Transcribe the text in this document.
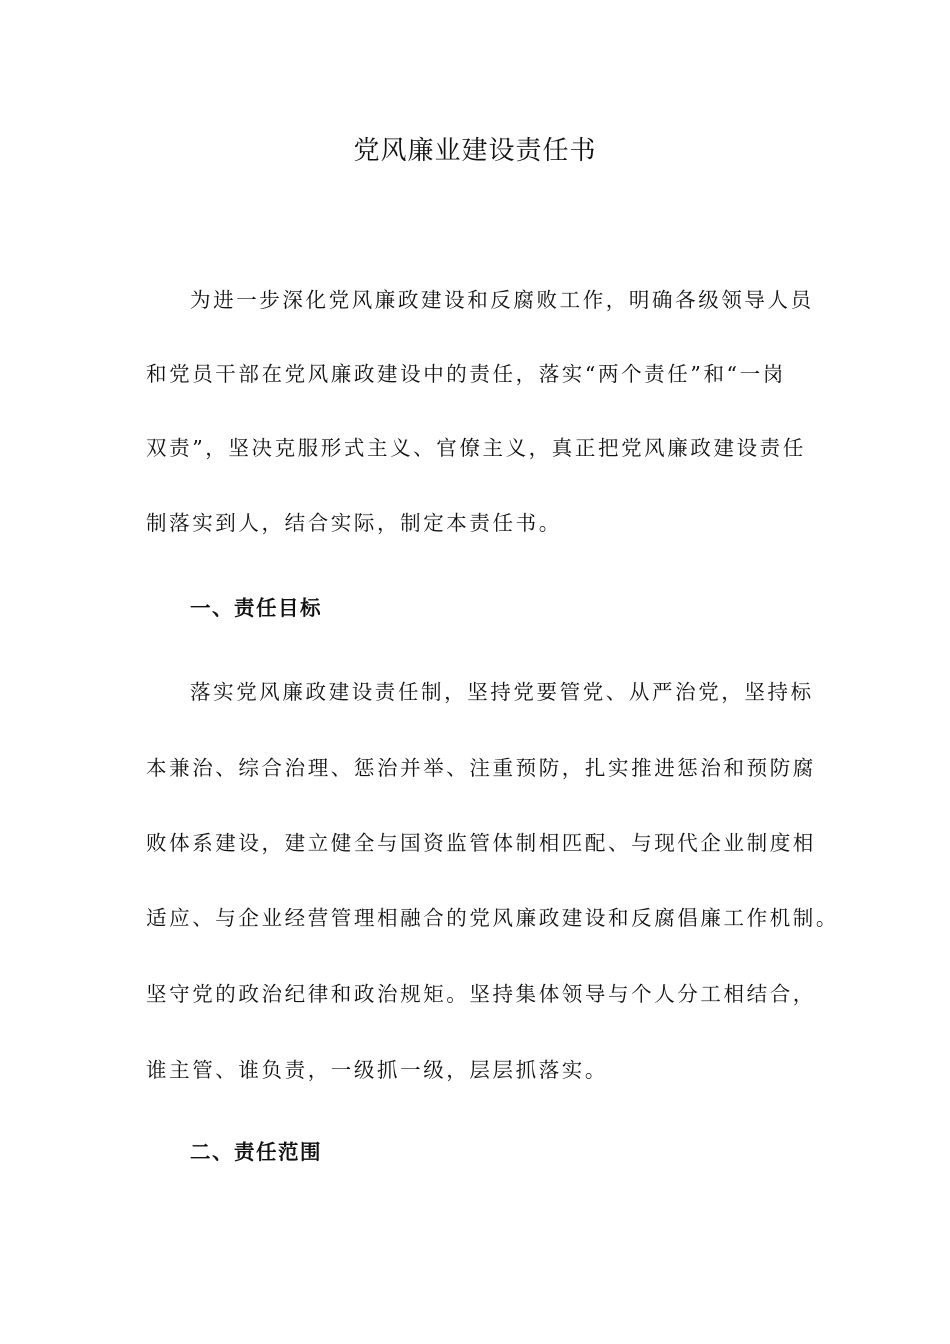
党风廉业建设责任书

为进一步深化党风廉政建设和反腐败工作，明确各级领导人员

和党员干部在党风廉政建设中的责任，落实“两个责任”和“一岗

双责”，坚决克服形式主义、官僚主义，真正把党风廉政建设责任

制落实到人，结合实际，制定本责任书。

一、责任目标

落实党风廉政建设责任制，坚持党要管党、从严治党，坚持标

本兼治、综合治理、惩治并举、注重预防，扎实推进惩治和预防腐

败体系建设，建立健全与国资监管体制相匹配、与现代企业制度相

适应、与企业经营管理相融合的党风廉政建设和反腐倡廉工作机制。

坚守党的政治纪律和政治规矩。坚持集体领导与个人分工相结合，

谁主管、谁负责，一级抓一级，层层抓落实。

二、责任范围
